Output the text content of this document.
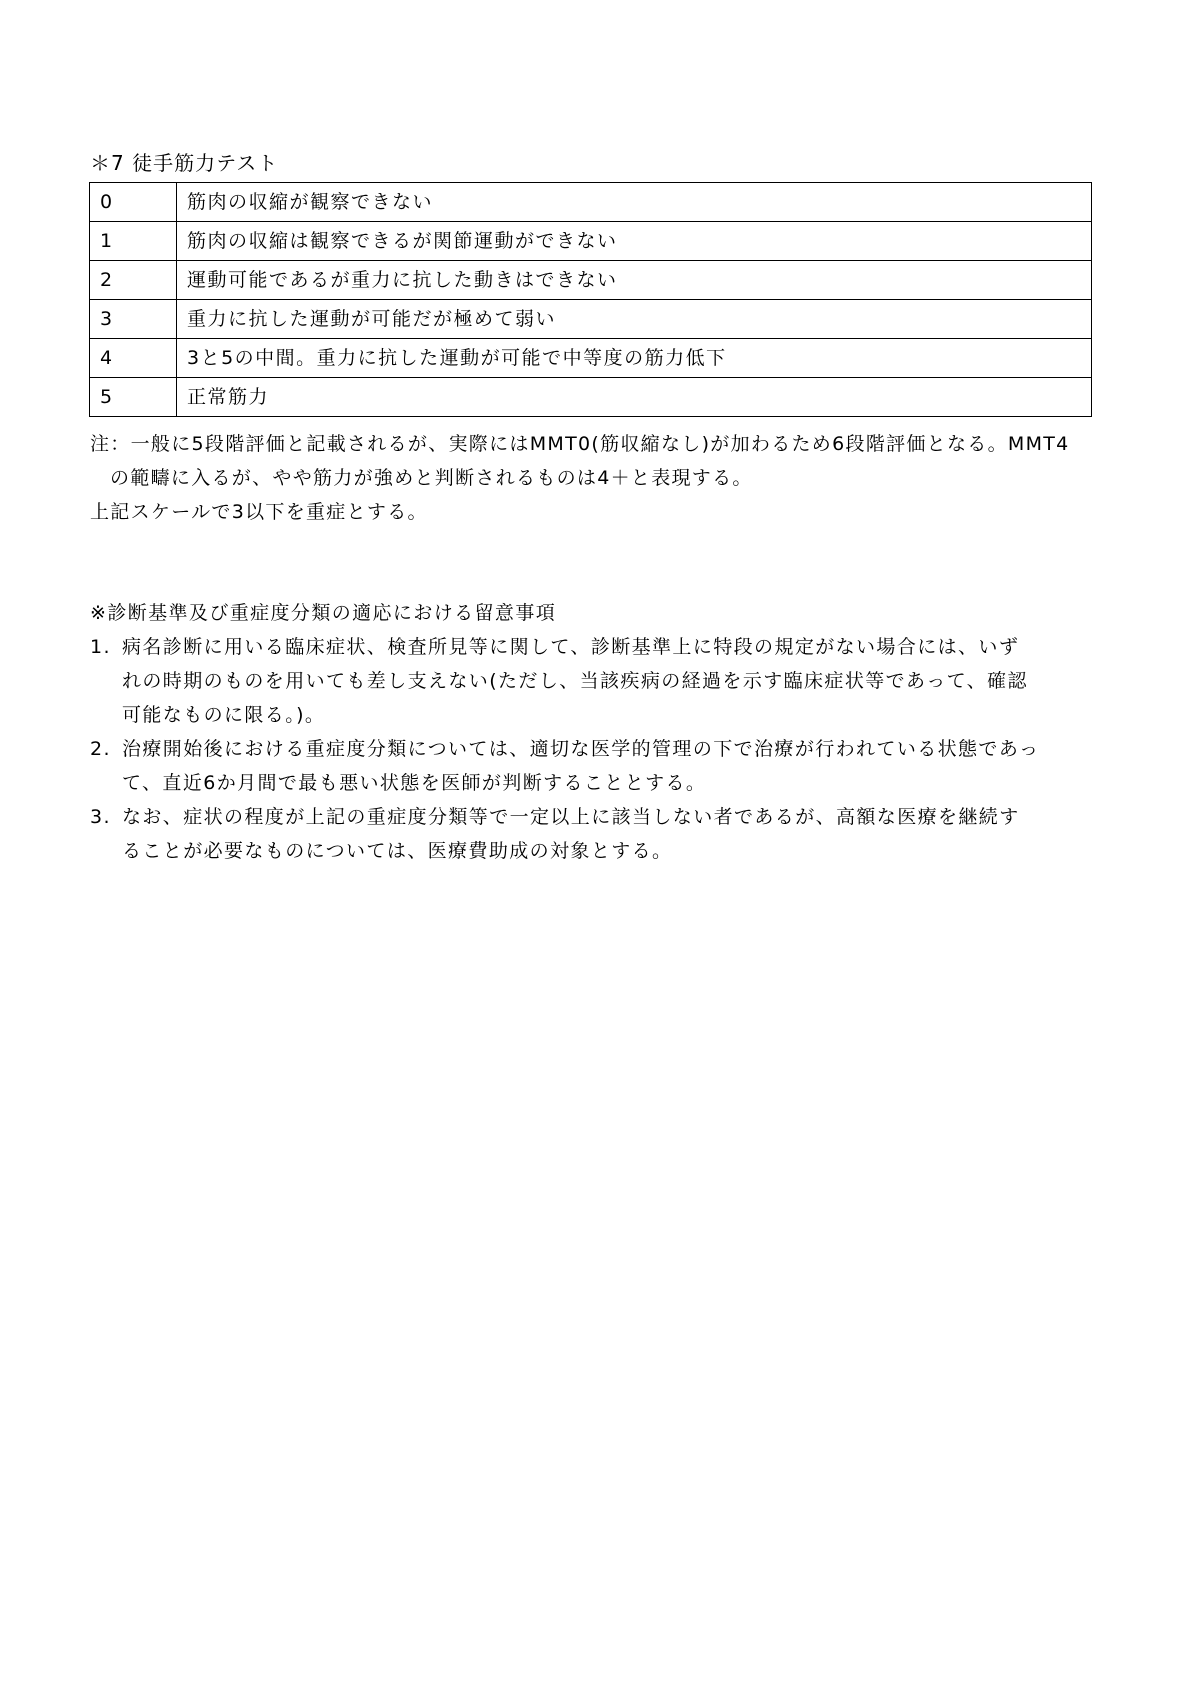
＊7 徒手筋力テスト
0	筋肉の収縮が観察できない
1	筋肉の収縮は観察できるが関節運動ができない
2	運動可能であるが重力に抗した動きはできない
3	重力に抗した運動が可能だが極めて弱い
4	3と5の中間。重力に抗した運動が可能で中等度の筋力低下
5	正常筋力
注：一般に5段階評価と記載されるが、実際にはMMT0(筋収縮なし)が加わるため6段階評価となる。MMT4
の範疇に入るが、やや筋力が強めと判断されるものは4＋と表現する。
上記スケールで3以下を重症とする。
※診断基準及び重症度分類の適応における留意事項
1. 病名診断に用いる臨床症状、検査所見等に関して、診断基準上に特段の規定がない場合には、いず
れの時期のものを用いても差し支えない(ただし、当該疾病の経過を示す臨床症状等であって、確認
可能なものに限る。)。
2. 治療開始後における重症度分類については、適切な医学的管理の下で治療が行われている状態であっ
て、直近6か月間で最も悪い状態を医師が判断することとする。
3. なお、症状の程度が上記の重症度分類等で一定以上に該当しない者であるが、高額な医療を継続す
ることが必要なものについては、医療費助成の対象とする。
